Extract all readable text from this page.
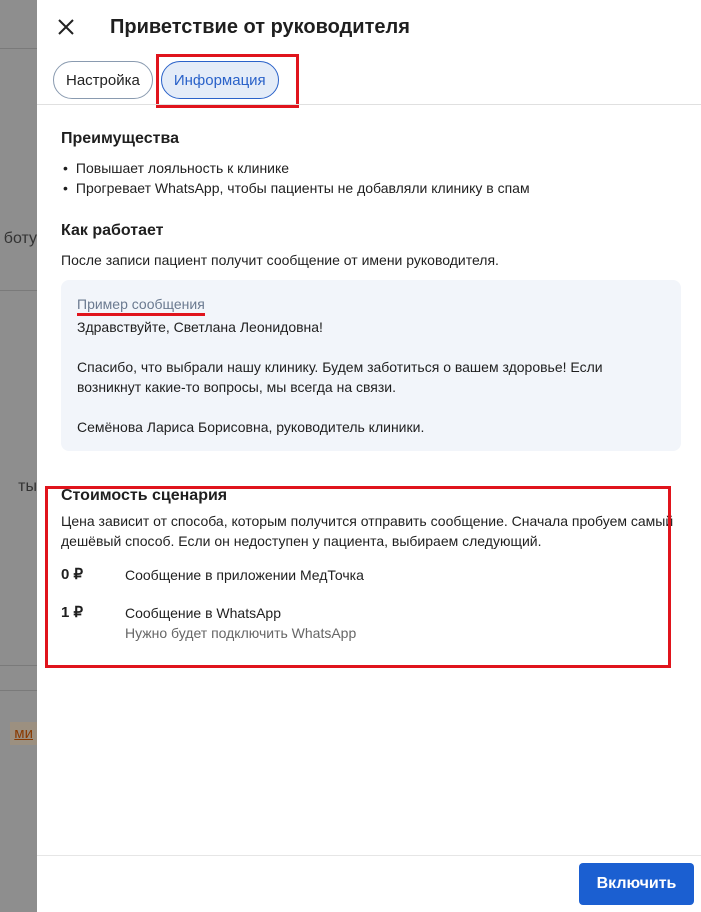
боту
ты
ми
Приветствие от руководителя
Настройка	Информация
Преимущества
• Повышает лояльность к клинике
• Прогревает WhatsApp, чтобы пациенты не добавляли клинику в спам
Как работает

После записи пациент получит сообщение от имени руководителя.

Пример сообщения

Здравствуйте, Светлана Леонидовна!

Спасибо, что выбрали нашу клинику. Будем заботиться о вашем здоровье! Если возникнут какие-то вопросы, мы всегда на связи.

Семёнова Лариса Борисовна, руководитель клиники.

Стоимость сценария

Цена зависит от способа, которым получится отправить сообщение. Сначала пробуем самый дешёвый способ. Если он недоступен у пациента, выбираем следующий.

0 ₽	Сообщение в приложении МедТочка
1 ₽	Сообщение в WhatsApp
Нужно будет подключить WhatsApp
Включить
